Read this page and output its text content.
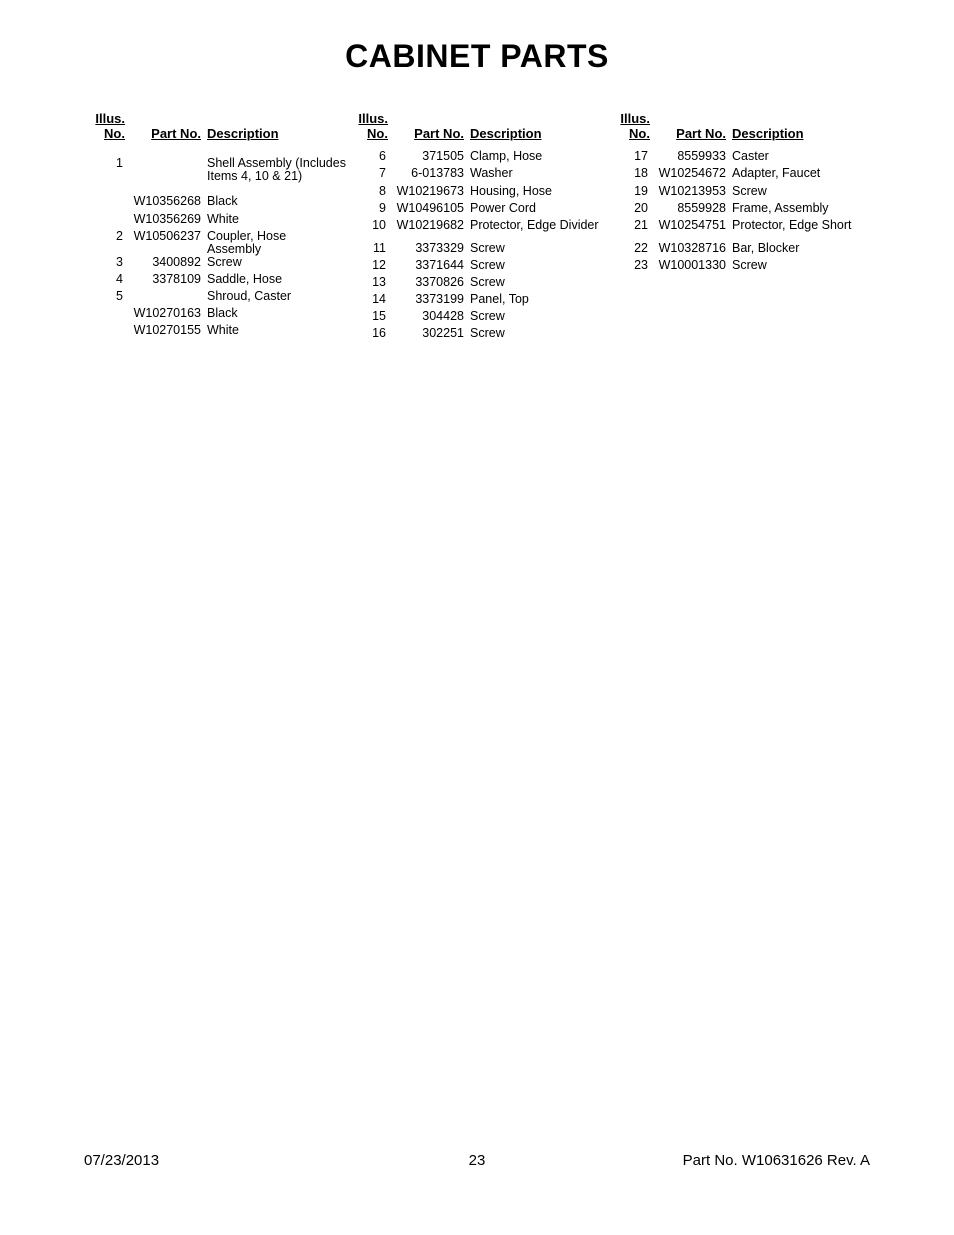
CABINET PARTS
Illus.
No.	Part No. Description
1	Shell Assembly (Includes Items 4, 10 & 21)
W10356268 Black
W10356269 White
2 W10506237 Coupler, Hose Assembly
3	3400892 Screw
4	3378109 Saddle, Hose
5	Shroud, Caster
W10270163 Black
W10270155 White
Illus.
No.	Part No. Description
6	371505 Clamp, Hose
7	6-013783 Washer
8 W10219673 Housing, Hose
9 W10496105 Power Cord
10 W10219682 Protector, Edge Divider
11	3373329 Screw
12	3371644 Screw
13	3370826 Screw
14	3373199 Panel, Top
15	304428 Screw
16	302251 Screw
Illus.
No.	Part No. Description
17	8559933 Caster
18 W10254672 Adapter, Faucet
19 W10213953 Screw
20	8559928 Frame, Assembly
21 W10254751 Protector, Edge Short
22 W10328716 Bar, Blocker
23 W10001330 Screw
07/23/2013	23	Part No. W10631626 Rev. A
